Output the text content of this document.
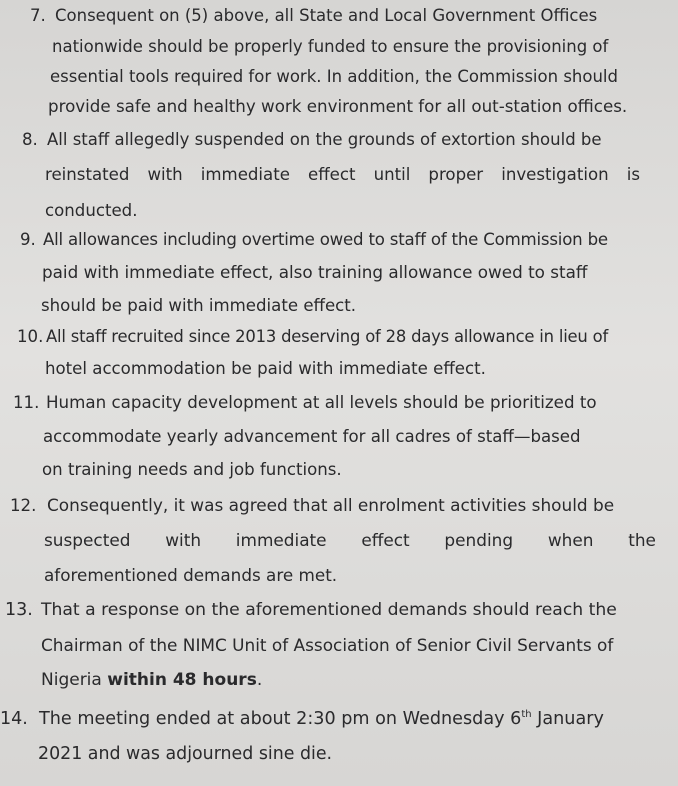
7. Consequent on (5) above, all State and Local Government Offices
nationwide should be properly funded to ensure the provisioning of
essential tools required for work. In addition, the Commission should
provide safe and healthy work environment for all out-station offices.
8. All staff allegedly suspended on the grounds of extortion should be
reinstated with immediate effect until proper investigation is
conducted.
9. All allowances including overtime owed to staff of the Commission be
paid with immediate effect, also training allowance owed to staff
should be paid with immediate effect.
10. All staff recruited since 2013 deserving of 28 days allowance in lieu of
hotel accommodation be paid with immediate effect.
11. Human capacity development at all levels should be prioritized to
accommodate yearly advancement for all cadres of staff—based
on training needs and job functions.
12. Consequently, it was agreed that all enrolment activities should be
suspected with immediate effect pending when the
aforementioned demands are met.
13. That a response on the aforementioned demands should reach the
Chairman of the NIMC Unit of Association of Senior Civil Servants of
Nigeria within 48 hours.
14. The meeting ended at about 2:30 pm on Wednesday 6th January
2021 and was adjourned sine die.
